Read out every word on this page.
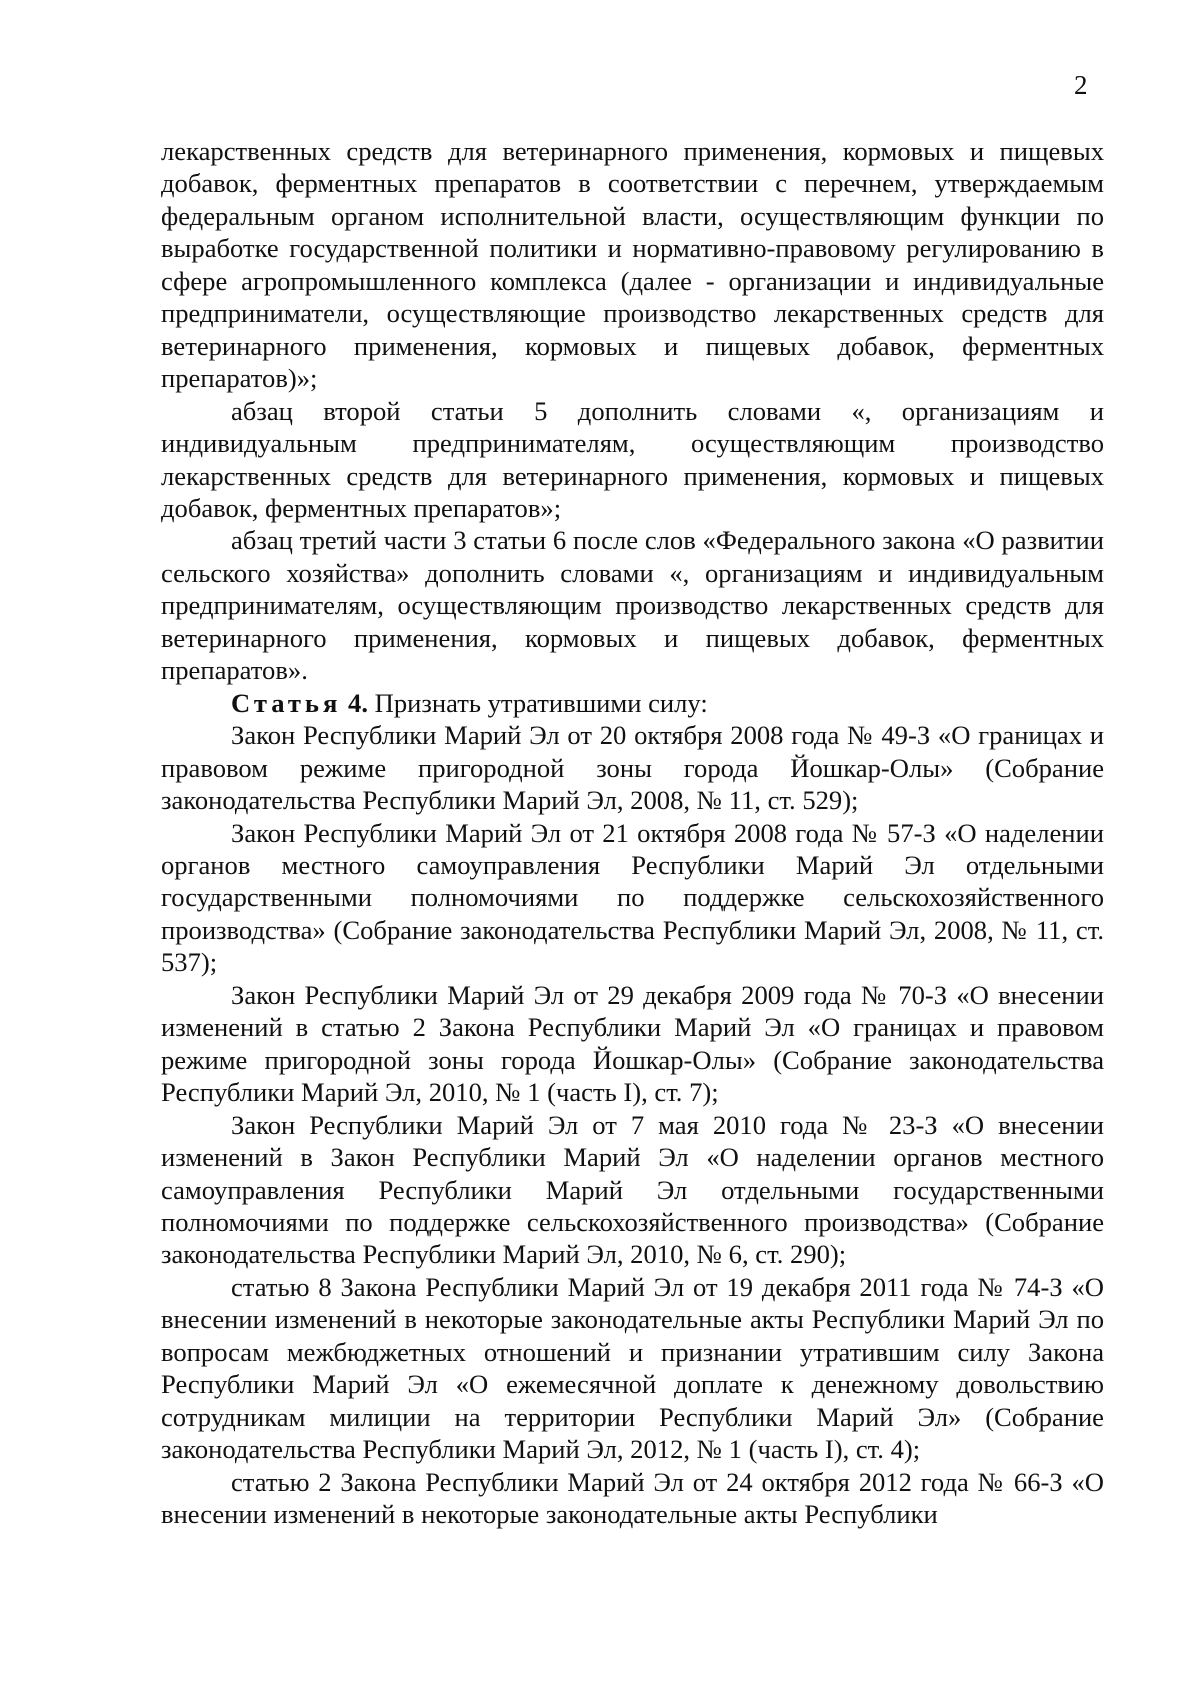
2

лекарственных средств для ветеринарного применения, кормовых и пищевых добавок, ферментных препаратов в соответствии с перечнем, утверждаемым федеральным органом исполнительной власти, осуществляющим функции по выработке государственной политики и нормативно-правовому регулированию в сфере агропромышленного комплекса (далее - организации и индивидуальные предприниматели, осуществляющие производство лекарственных средств для ветеринарного применения, кормовых и пищевых добавок, ферментных препаратов)»;

абзац второй статьи 5 дополнить словами «, организациям и индивидуальным предпринимателям, осуществляющим производство лекарственных средств для ветеринарного применения, кормовых и пищевых добавок, ферментных препаратов»;

абзац третий части 3 статьи 6 после слов «Федерального закона «О развитии сельского хозяйства» дополнить словами «, организациям и индивидуальным предпринимателям, осуществляющим производство лекарственных средств для ветеринарного применения, кормовых и пищевых добавок, ферментных препаратов».

Статья 4. Признать утратившими силу:

Закон Республики Марий Эл от 20 октября 2008 года № 49-З «О границах и правовом режиме пригородной зоны города Йошкар-Олы» (Собрание законодательства Республики Марий Эл, 2008, № 11, ст. 529);

Закон Республики Марий Эл от 21 октября 2008 года № 57-З «О наделении органов местного самоуправления Республики Марий Эл отдельными государственными полномочиями по поддержке сельскохозяйственного производства» (Собрание законодательства Республики Марий Эл, 2008, № 11, ст. 537);

Закон Республики Марий Эл от 29 декабря 2009 года № 70-З «О внесении изменений в статью 2 Закона Республики Марий Эл «О границах и правовом режиме пригородной зоны города Йошкар-Олы» (Собрание законодательства Республики Марий Эл, 2010, № 1 (часть I), ст. 7);

Закон Республики Марий Эл от 7 мая 2010 года № 23-З «О внесении изменений в Закон Республики Марий Эл «О наделении органов местного самоуправления Республики Марий Эл отдельными государственными полномочиями по поддержке сельскохозяйственного производства» (Собрание законодательства Республики Марий Эл, 2010, № 6, ст. 290);

статью 8 Закона Республики Марий Эл от 19 декабря 2011 года № 74-З «О внесении изменений в некоторые законодательные акты Республики Марий Эл по вопросам межбюджетных отношений и признании утратившим силу Закона Республики Марий Эл «О ежемесячной доплате к денежному довольствию сотрудникам милиции на территории Республики Марий Эл» (Собрание законодательства Республики Марий Эл, 2012, № 1 (часть I), ст. 4);

статью 2 Закона Республики Марий Эл от 24 октября 2012 года № 66-З «О внесении изменений в некоторые законодательные акты Республики
